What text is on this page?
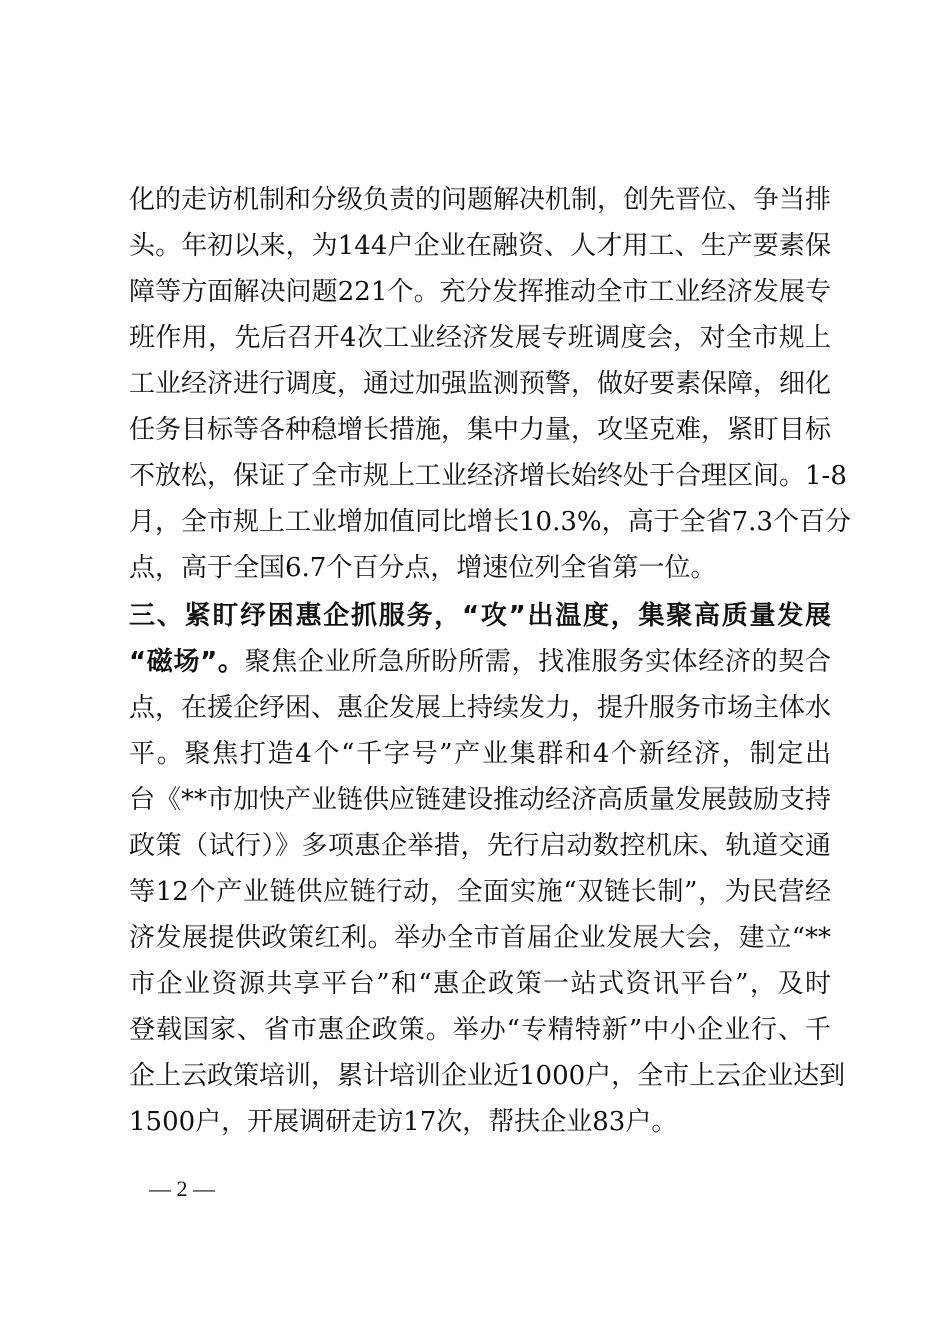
化的走访机制和分级负责的问题解决机制，创先晋位、争当排
头。年初以来，为144户企业在融资、人才用工、生产要素保
障等方面解决问题221个。充分发挥推动全市工业经济发展专
班作用，先后召开4次工业经济发展专班调度会，对全市规上
工业经济进行调度，通过加强监测预警，做好要素保障，细化
任务目标等各种稳增长措施，集中力量，攻坚克难，紧盯目标
不放松，保证了全市规上工业经济增长始终处于合理区间。1-8
月，全市规上工业增加值同比增长10.3%，高于全省7.3个百分
点，高于全国6.7个百分点，增速位列全省第一位。
三、紧盯纾困惠企抓服务，“攻”出温度，集聚高质量发展
“磁场”。聚焦企业所急所盼所需，找准服务实体经济的契合
点，在援企纾困、惠企发展上持续发力，提升服务市场主体水
平。聚焦打造4个“千字号”产业集群和4个新经济，制定出
台《**市加快产业链供应链建设推动经济高质量发展鼓励支持
政策（试行）》多项惠企举措，先行启动数控机床、轨道交通
等12个产业链供应链行动，全面实施“双链长制”，为民营经
济发展提供政策红利。举办全市首届企业发展大会，建立“**
市企业资源共享平台”和“惠企政策一站式资讯平台”，及时
登载国家、省市惠企政策。举办“专精特新”中小企业行、千
企上云政策培训，累计培训企业近1000户，全市上云企业达到
1500户，开展调研走访17次，帮扶企业83户。
— 2 —
